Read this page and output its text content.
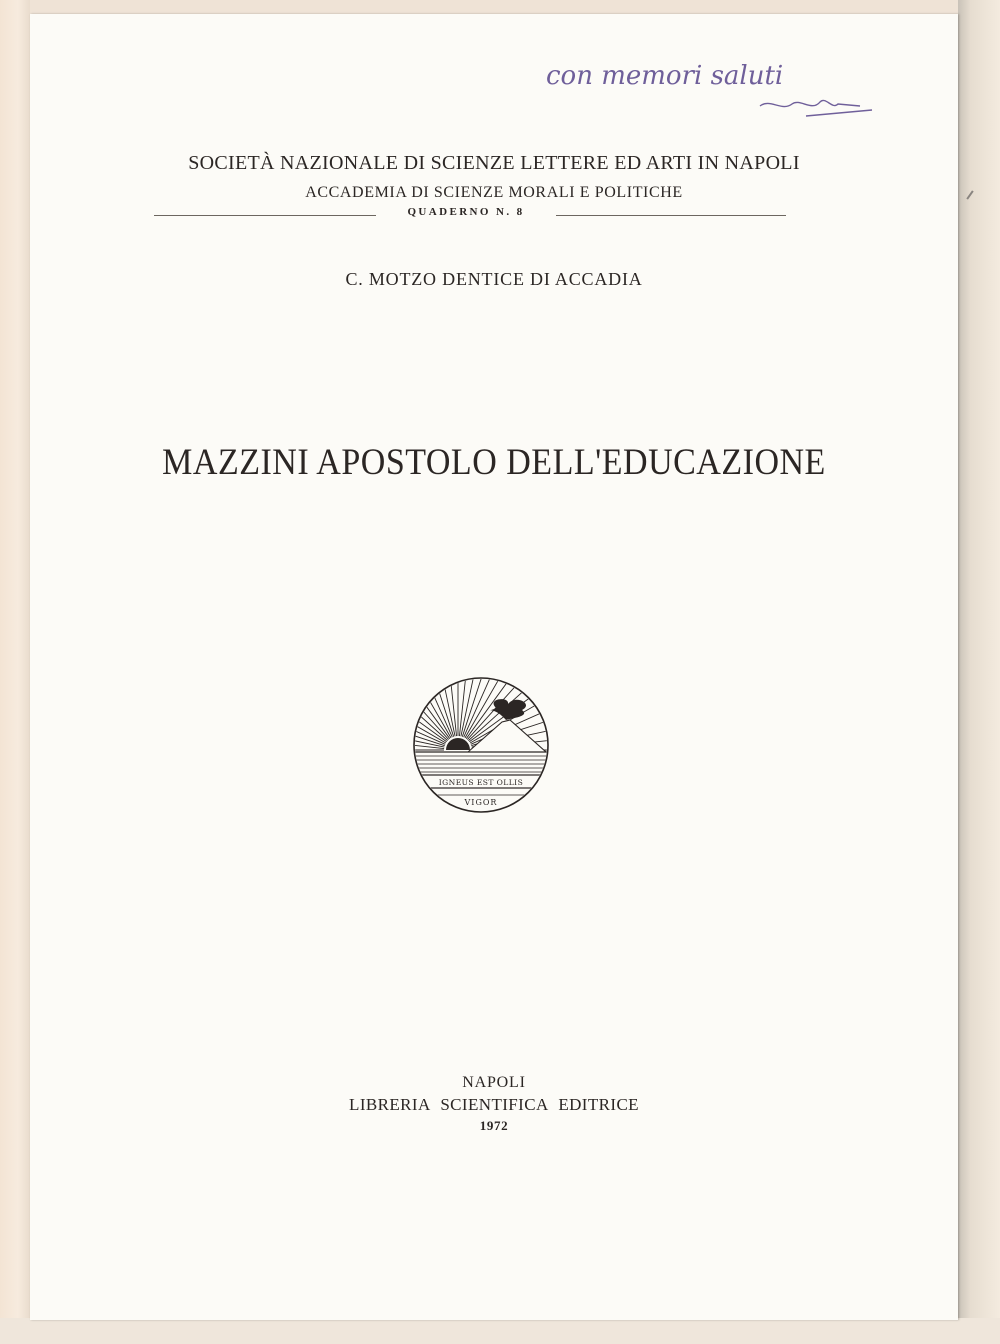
con memori saluti
SOCIETÀ NAZIONALE DI SCIENZE LETTERE ED ARTI IN NAPOLI
ACCADEMIA DI SCIENZE MORALI E POLITICHE
QUADERNO N. 8
C. MOTZO DENTICE DI ACCADIA
MAZZINI APOSTOLO DELL'EDUCAZIONE
IGNEUS EST OLLIS
VIGOR
NAPOLI
LIBRERIA SCIENTIFICA EDITRICE
1972
